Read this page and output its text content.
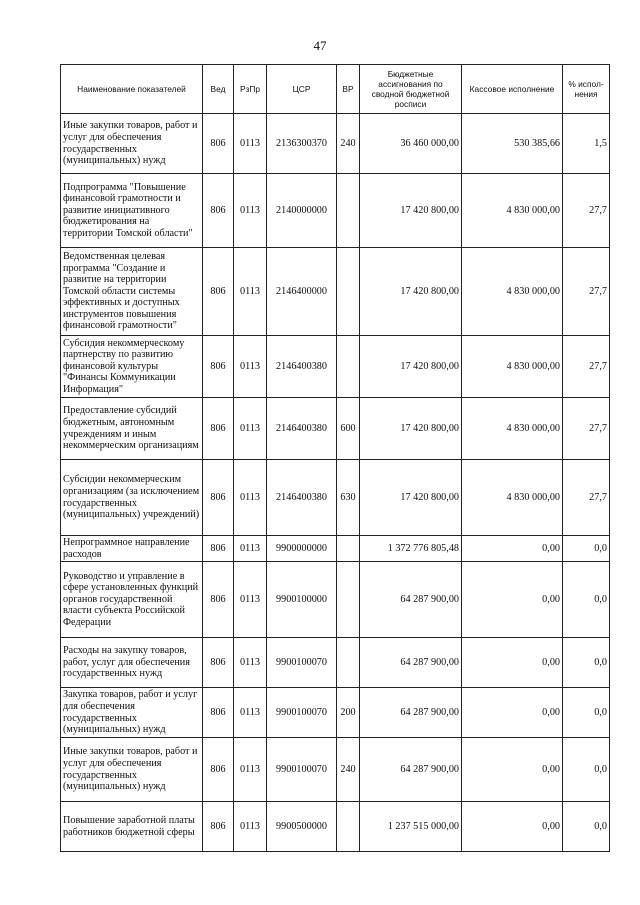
47
Наименование показателей	Вед	РзПр	ЦСР	ВР	Бюджетные ассигнования по сводной бюджетной росписи	Кассовое исполнение	% испол-нения
Иные закупки товаров, работ и услуг для обеспечения государственных (муниципальных) нужд	806	0113	2136300370	240	36 460 000,00	530 385,66	1,5
Подпрограмма "Повышение финансовой грамотности и развитие инициативного бюджетирования на территории Томской области"	806	0113	2140000000		17 420 800,00	4 830 000,00	27,7
Ведомственная целевая программа "Создание и развитие на территории Томской области системы эффективных и доступных инструментов повышения финансовой грамотности"	806	0113	2146400000		17 420 800,00	4 830 000,00	27,7
Субсидия некоммерческому партнерству по развитию финансовой культуры "Финансы Коммуникации Информация"	806	0113	2146400380		17 420 800,00	4 830 000,00	27,7
Предоставление субсидий бюджетным, автономным учреждениям и иным некоммерческим организациям	806	0113	2146400380	600	17 420 800,00	4 830 000,00	27,7
Субсидии некоммерческим организациям (за исключением государственных (муниципальных) учреждений)	806	0113	2146400380	630	17 420 800,00	4 830 000,00	27,7
Непрограммное направление расходов	806	0113	9900000000		1 372 776 805,48	0,00	0,0
Руководство и управление в сфере установленных функций органов государственной власти субъекта Российской Федерации	806	0113	9900100000		64 287 900,00	0,00	0,0
Расходы на закупку товаров, работ, услуг для обеспечения государственных нужд	806	0113	9900100070		64 287 900,00	0,00	0,0
Закупка товаров, работ и услуг для обеспечения государственных (муниципальных) нужд	806	0113	9900100070	200	64 287 900,00	0,00	0,0
Иные закупки товаров, работ и услуг для обеспечения государственных (муниципальных) нужд	806	0113	9900100070	240	64 287 900,00	0,00	0,0
Повышение заработной платы работников бюджетной сферы	806	0113	9900500000		1 237 515 000,00	0,00	0,0
